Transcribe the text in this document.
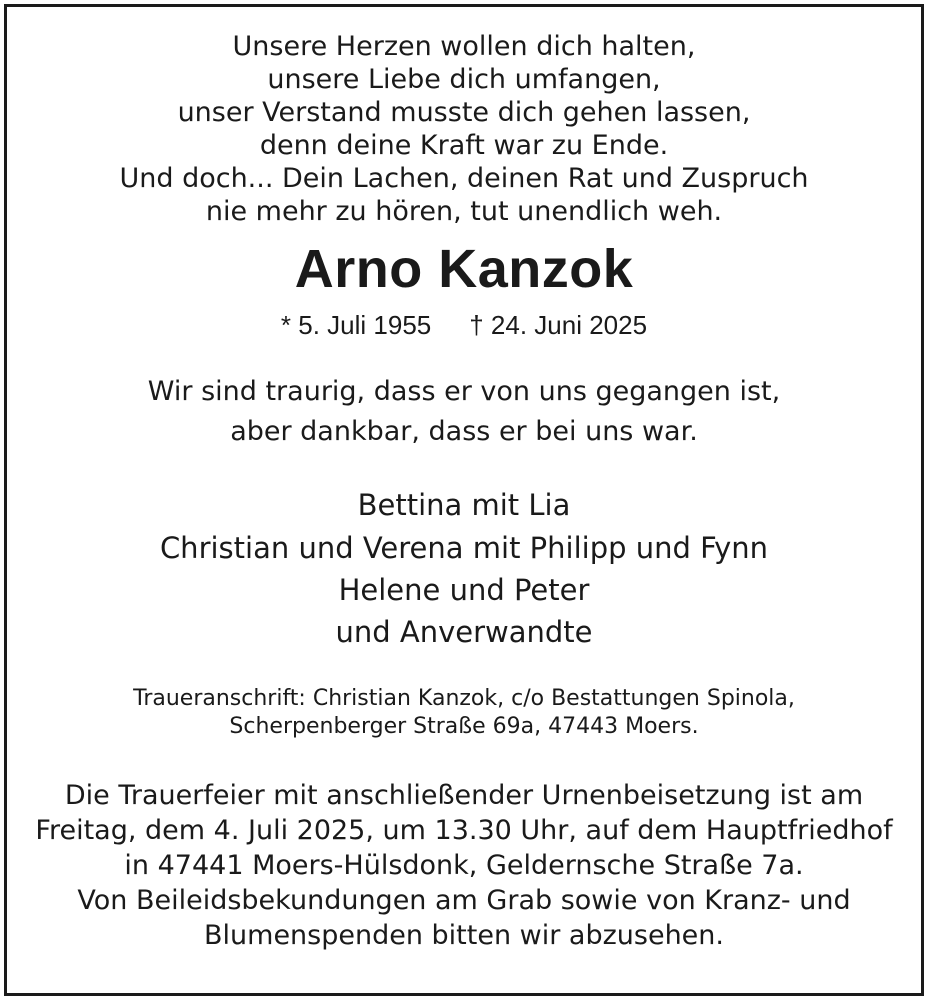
Unsere Herzen wollen dich halten,
unsere Liebe dich umfangen,
unser Verstand musste dich gehen lassen,
denn deine Kraft war zu Ende.
Und doch... Dein Lachen, deinen Rat und Zuspruch
nie mehr zu hören, tut unendlich weh.
Arno Kanzok
* 5. Juli 1955 † 24. Juni 2025
Wir sind traurig, dass er von uns gegangen ist,
aber dankbar, dass er bei uns war.
Bettina mit Lia
Christian und Verena mit Philipp und Fynn
Helene und Peter
und Anverwandte
Traueranschrift: Christian Kanzok, c/o Bestattungen Spinola,
Scherpenberger Straße 69a, 47443 Moers.
Die Trauerfeier mit anschließender Urnenbeisetzung ist am
Freitag, dem 4. Juli 2025, um 13.30 Uhr, auf dem Hauptfriedhof
in 47441 Moers-Hülsdonk, Geldernsche Straße 7a.
Von Beileidsbekundungen am Grab sowie von Kranz- und
Blumenspenden bitten wir abzusehen.
